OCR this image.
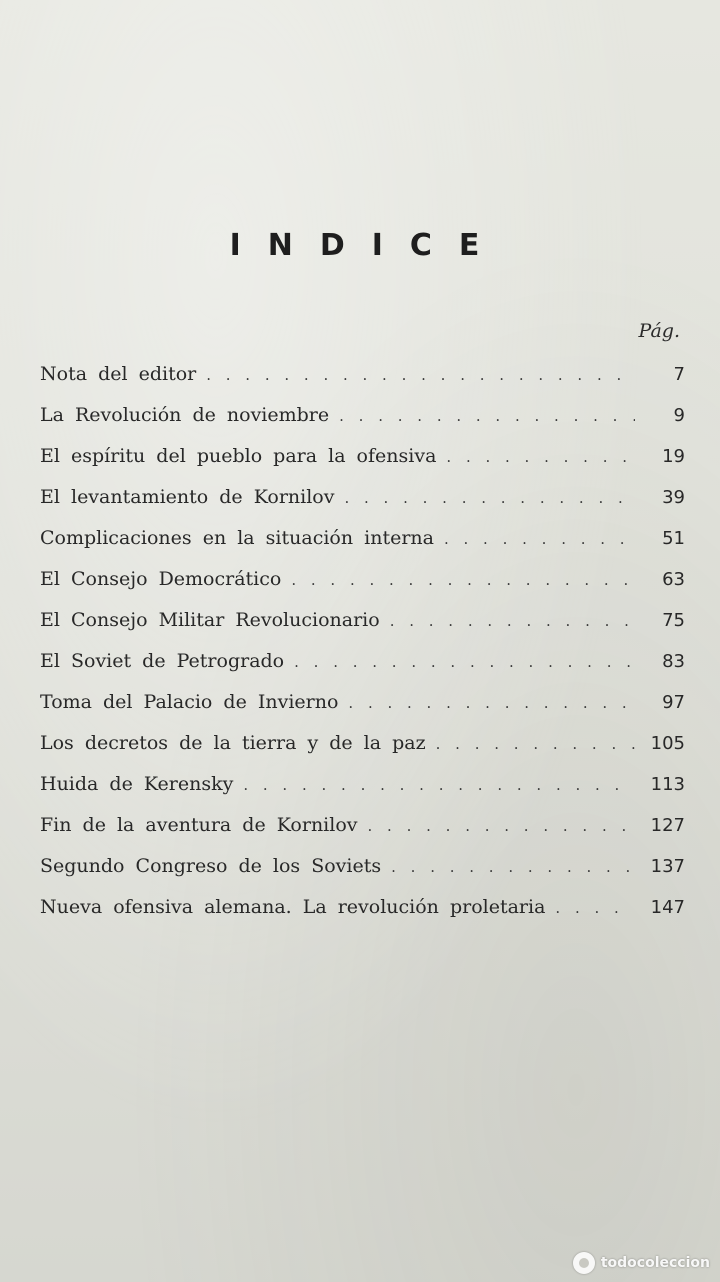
INDICE
Pág.
Nota del editor . . .	7
La Revolución de noviembre . . .	9
El espíritu del pueblo para la ofensiva . . .	19
El levantamiento de Kornilov . . .	39
Complicaciones en la situación interna . . .	51
El Consejo Democrático . . .	63
El Consejo Militar Revolucionario . . .	75
El Soviet de Petrogrado . . .	83
Toma del Palacio de Invierno . . .	97
Los decretos de la tierra y de la paz . . .	105
Huida de Kerensky . . .	113
Fin de la aventura de Kornilov . . .	127
Segundo Congreso de los Soviets . . .	137
Nueva ofensiva alemana. La revolución proletaria . . .	147
todocoleccion
